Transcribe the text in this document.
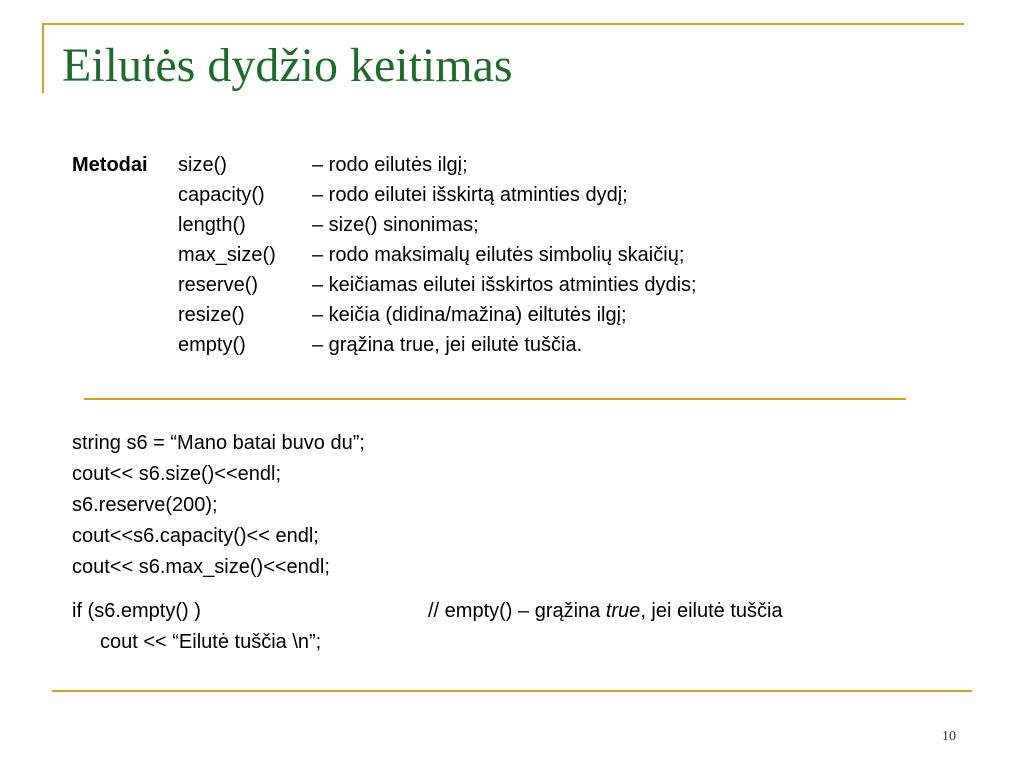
Eilutės dydžio keitimas
Metodai size()	– rodo eilutės ilgį;
capacity() – rodo eilutei išskirtą atminties dydį;
length()	– size() sinonimas;
max_size() – rodo maksimalų eilutės simbolių skaičių;
reserve()	– keičiamas eilutei išskirtos atminties dydis;
resize()	– keičia (didina/mažina) eiltutės ilgį;
empty()	– grąžina true, jei eilutė tuščia.
string s6 = “Mano batai buvo du”;
cout<< s6.size()<<endl;
s6.reserve(200);
cout<<s6.capacity()<< endl;
cout<< s6.max_size()<<endl;
if (s6.empty() )	// empty() – grąžina true, jei eilutė tuščia
cout << “Eilutė tuščia \n”;
10
